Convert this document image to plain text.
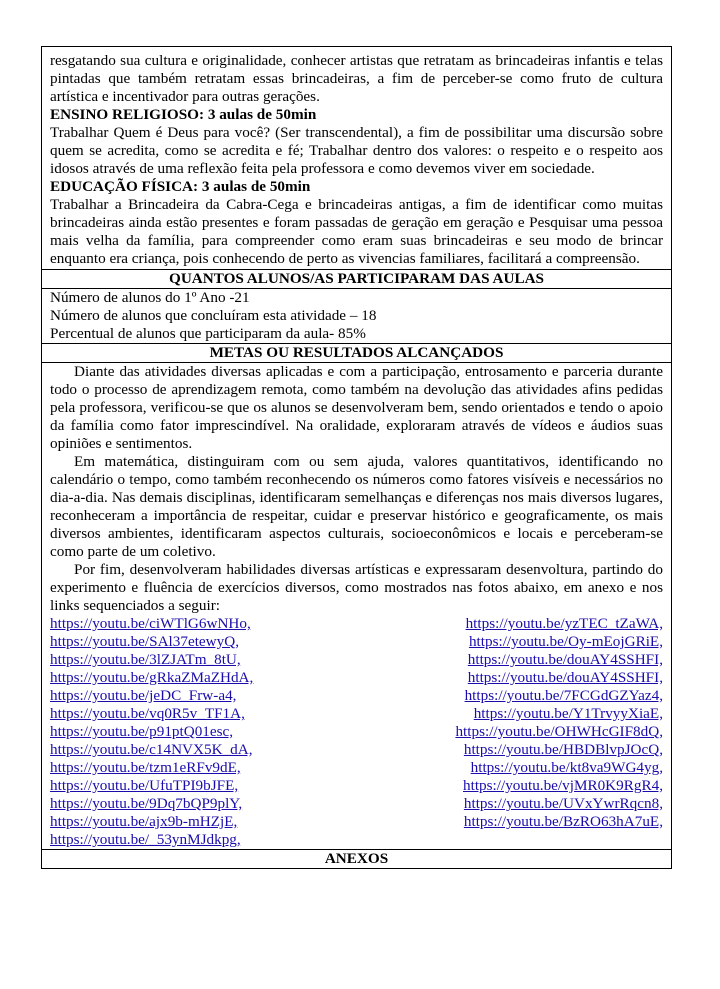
resgatando sua cultura e originalidade, conhecer artistas que retratam as brincadeiras infantis e telas pintadas que também retratam essas brincadeiras, a fim de perceber-se como fruto de cultura artística e incentivador para outras gerações.

ENSINO RELIGIOSO: 3 aulas de 50min

Trabalhar Quem é Deus para você? (Ser transcendental), a fim de possibilitar uma discursão sobre quem se acredita, como se acredita e fé; Trabalhar dentro dos valores: o respeito e o respeito aos idosos através de uma reflexão feita pela professora e como devemos viver em sociedade.

EDUCAÇÃO FÍSICA: 3 aulas de 50min

Trabalhar a Brincadeira da Cabra-Cega e brincadeiras antigas, a fim de identificar como muitas brincadeiras ainda estão presentes e foram passadas de geração em geração e Pesquisar uma pessoa mais velha da família, para compreender como eram suas brincadeiras e seu modo de brincar enquanto era criança, pois conhecendo de perto as vivencias familiares, facilitará a compreensão.

QUANTOS ALUNOS/AS PARTICIPARAM DAS AULAS

Número de alunos do 1º Ano -21

Número de alunos que concluíram esta atividade – 18

Percentual de alunos que participaram da aula- 85%

METAS OU RESULTADOS ALCANÇADOS

Diante das atividades diversas aplicadas e com a participação, entrosamento e parceria durante todo o processo de aprendizagem remota, como também na devolução das atividades afins pedidas pela professora, verificou-se que os alunos se desenvolveram bem, sendo orientados e tendo o apoio da família como fator imprescindível. Na oralidade, exploraram através de vídeos e áudios suas opiniões e sentimentos.

Em matemática, distinguiram com ou sem ajuda, valores quantitativos, identificando no calendário o tempo, como também reconhecendo os números como fatores visíveis e necessários no dia-a-dia. Nas demais disciplinas, identificaram semelhanças e diferenças nos mais diversos lugares, reconheceram a importância de respeitar, cuidar e preservar histórico e geograficamente, os mais diversos ambientes, identificaram aspectos culturais, socioeconômicos e locais e perceberam-se como parte de um coletivo.

Por fim, desenvolveram habilidades diversas artísticas e expressaram desenvoltura, partindo do experimento e fluência de exercícios diversos, como mostrados nas fotos abaixo, em anexo e nos links sequenciados a seguir:

https://youtu.be/ciWTlG6wNHo,
https://youtu.be/SAl37etewyQ,
https://youtu.be/3lZJATm_8tU,
https://youtu.be/gRkaZMaZHdA,
https://youtu.be/jeDC_Frw-a4,
https://youtu.be/vq0R5v_TF1A,
https://youtu.be/p91ptQ01esc,
https://youtu.be/c14NVX5K_dA,
https://youtu.be/tzm1eRFv9dE,
https://youtu.be/UfuTPI9bJFE,
https://youtu.be/9Dq7bQP9plY,
https://youtu.be/ajx9b-mHZjE,
https://youtu.be/_53ynMJdkpg,
https://youtu.be/yzTEC_tZaWA,
https://youtu.be/Oy-mEojGRiE,
https://youtu.be/douAY4SSHFI,
https://youtu.be/douAY4SSHFI,
https://youtu.be/7FCGdGZYaz4,
https://youtu.be/Y1TrvyyXiaE,
https://youtu.be/OHWHcGIF8dQ,
https://youtu.be/HBDBlvpJOcQ,
https://youtu.be/kt8va9WG4yg,
https://youtu.be/vjMR0K9RgR4,
https://youtu.be/UVxYwrRqcn8,
https://youtu.be/BzRO63hA7uE,
ANEXOS
